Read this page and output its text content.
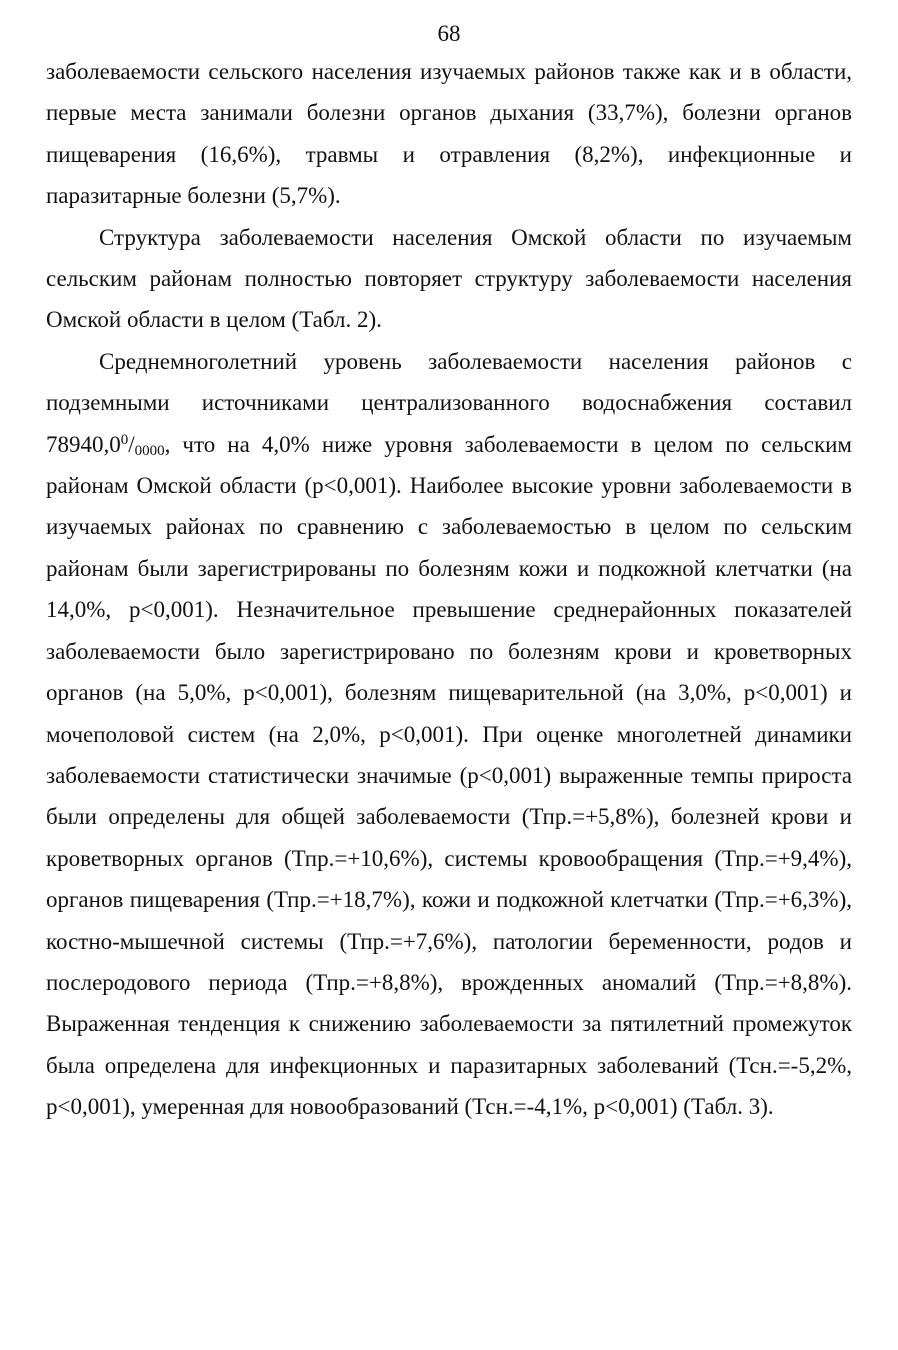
68

заболеваемости сельского населения изучаемых районов также как и в области, первые места занимали болезни органов дыхания (33,7%), болезни органов пищеварения (16,6%), травмы и отравления (8,2%), инфекционные и паразитарные болезни (5,7%).

Структура заболеваемости населения Омской области по изучаемым сельским районам полностью повторяет структуру заболеваемости населения Омской области в целом (Табл. 2).

Среднемноголетний уровень заболеваемости населения районов с подземными источниками централизованного водоснабжения составил $78940,0^0/_{0000}$, что на 4,0% ниже уровня заболеваемости в целом по сельским районам Омской области (р<0,001). Наиболее высокие уровни заболеваемости в изучаемых районах по сравнению с заболеваемостью в целом по сельским районам были зарегистрированы по болезням кожи и подкожной клетчатки (на 14,0%, р<0,001). Незначительное превышение среднерайонных показателей заболеваемости было зарегистрировано по болезням крови и кроветворных органов (на 5,0%, р<0,001), болезням пищеварительной (на 3,0%, р<0,001) и мочеполовой систем (на 2,0%, р<0,001). При оценке многолетней динамики заболеваемости статистически значимые (р<0,001) выраженные темпы прироста были определены для общей заболеваемости (Тпр.=+5,8%), болезней крови и кроветворных органов (Тпр.=+10,6%), системы кровообращения (Тпр.=+9,4%), органов пищеварения (Тпр.=+18,7%), кожи и подкожной клетчатки (Тпр.=+6,3%), костно-мышечной системы (Тпр.=+7,6%), патологии беременности, родов и послеродового периода (Тпр.=+8,8%), врожденных аномалий (Тпр.=+8,8%). Выраженная тенденция к снижению заболеваемости за пятилетний промежуток была определена для инфекционных и паразитарных заболеваний (Тсн.=-5,2%, р<0,001), умеренная для новообразований (Тсн.=-4,1%, р<0,001) (Табл. 3).
